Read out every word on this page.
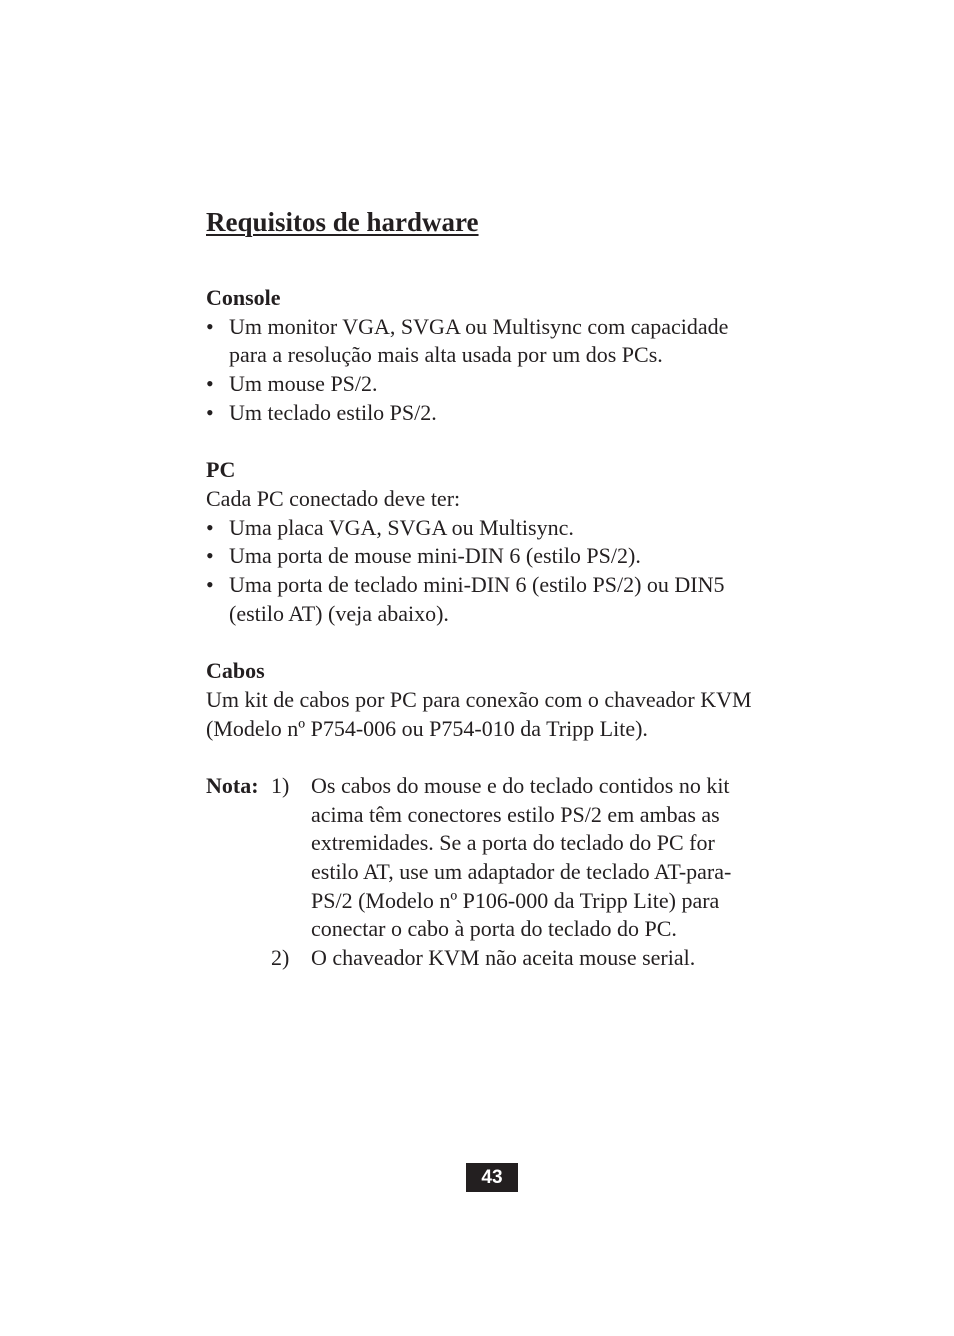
Requisitos de hardware

Console

• Um monitor VGA, SVGA ou Multisync com capacidade para a resolução mais alta usada por um dos PCs.
• Um mouse PS/2.
• Um teclado estilo PS/2.

PC

Cada PC conectado deve ter:

• Uma placa VGA, SVGA ou Multisync.
• Uma porta de mouse mini-DIN 6 (estilo PS/2).
• Uma porta de teclado mini-DIN 6 (estilo PS/2) ou DIN5 (estilo AT) (veja abaixo).

Cabos

Um kit de cabos por PC para conexão com o chaveador KVM (Modelo nº P754-006 ou P754-010 da Tripp Lite).

Nota: 1) Os cabos do mouse e do teclado contidos no kit acima têm conectores estilo PS/2 em ambas as extremidades. Se a porta do teclado do PC for estilo AT, use um adaptador de teclado AT-para-PS/2 (Modelo nº P106-000 da Tripp Lite) para conectar o cabo à porta do teclado do PC.
2) O chaveador KVM não aceita mouse serial.
43
